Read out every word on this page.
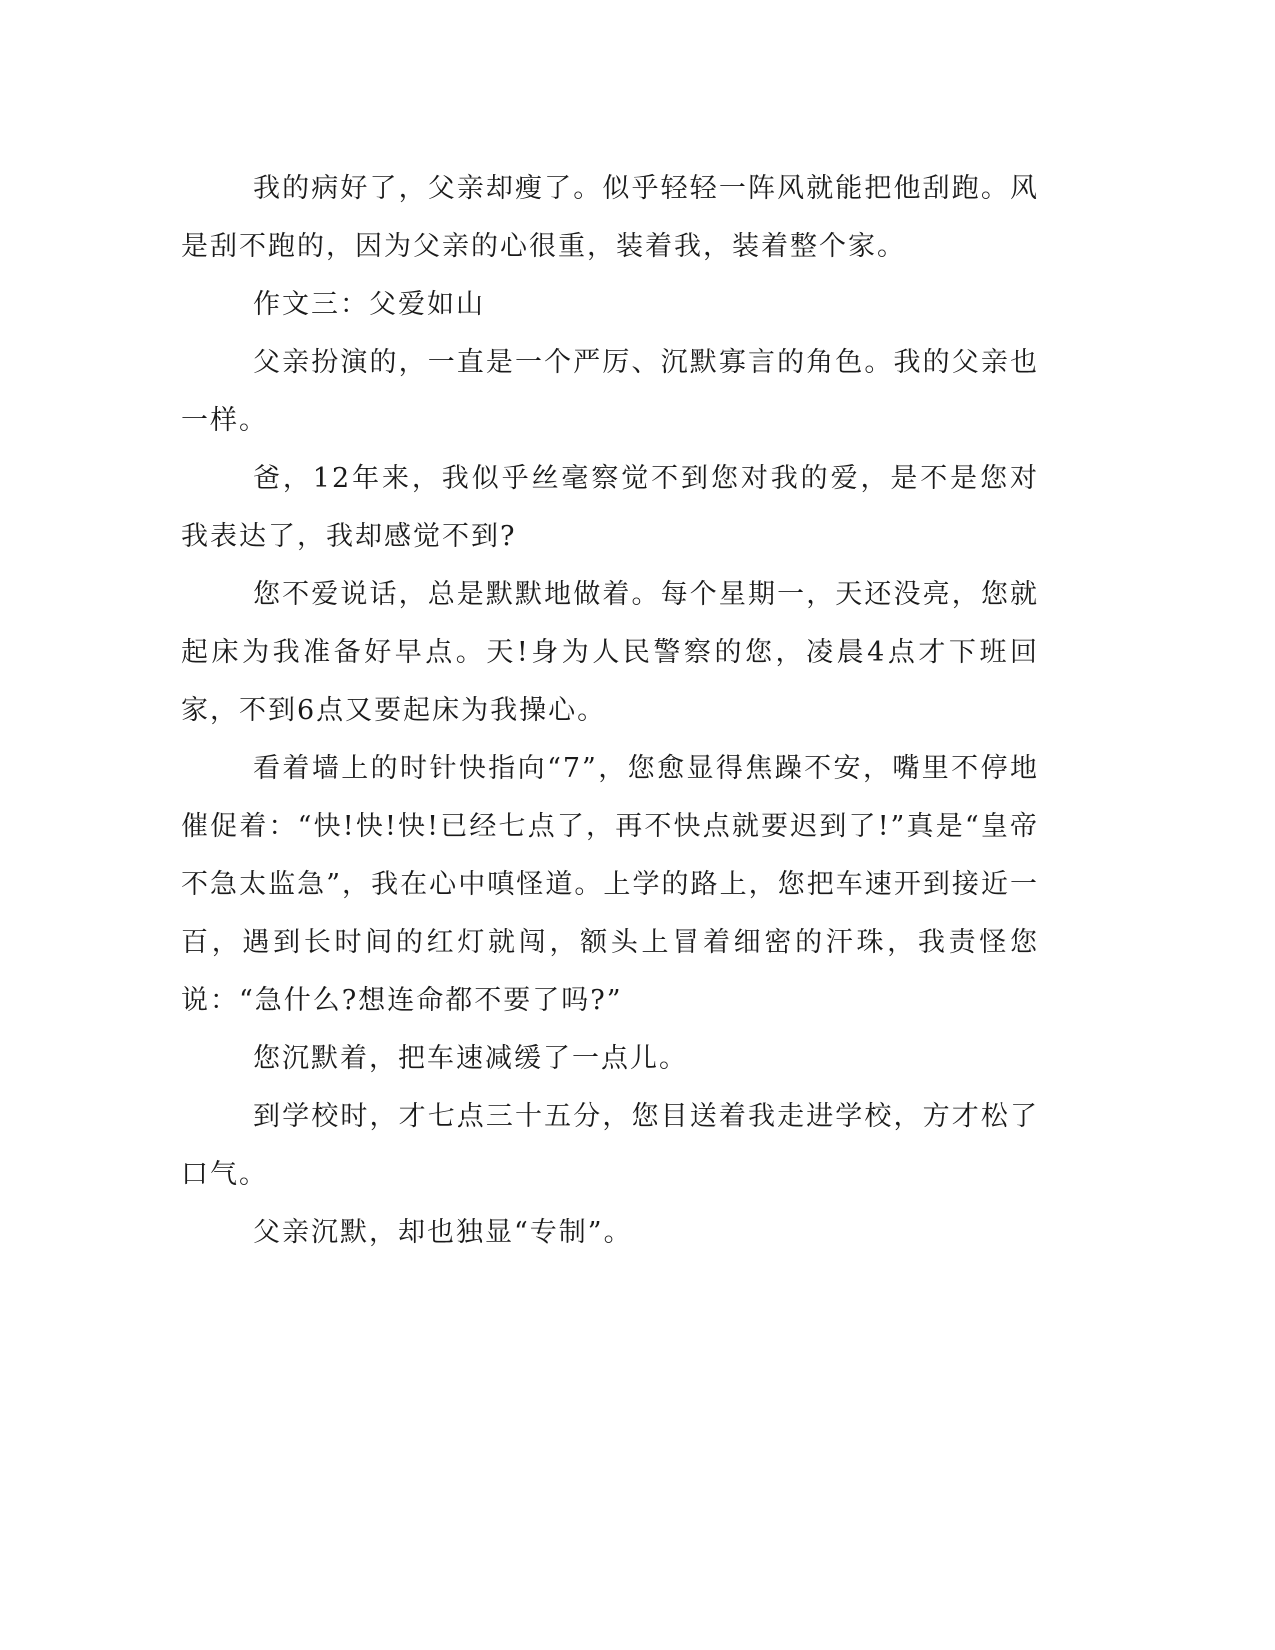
我的病好了，父亲却瘦了。似乎轻轻一阵风就能把他刮跑。风是刮不跑的，因为父亲的心很重，装着我，装着整个家。

作文三：父爱如山

父亲扮演的，一直是一个严厉、沉默寡言的角色。我的父亲也一样。

爸，12年来，我似乎丝毫察觉不到您对我的爱，是不是您对我表达了，我却感觉不到?

您不爱说话，总是默默地做着。每个星期一，天还没亮，您就起床为我准备好早点。天!身为人民警察的您，凌晨4点才下班回家，不到6点又要起床为我操心。

看着墙上的时针快指向“7”，您愈显得焦躁不安，嘴里不停地催促着：“快!快!快!已经七点了，再不快点就要迟到了!”真是“皇帝不急太监急”，我在心中嗔怪道。上学的路上，您把车速开到接近一百，遇到长时间的红灯就闯，额头上冒着细密的汗珠，我责怪您说：“急什么?想连命都不要了吗?”

您沉默着，把车速减缓了一点儿。

到学校时，才七点三十五分，您目送着我走进学校，方才松了口气。

父亲沉默，却也独显“专制”。
